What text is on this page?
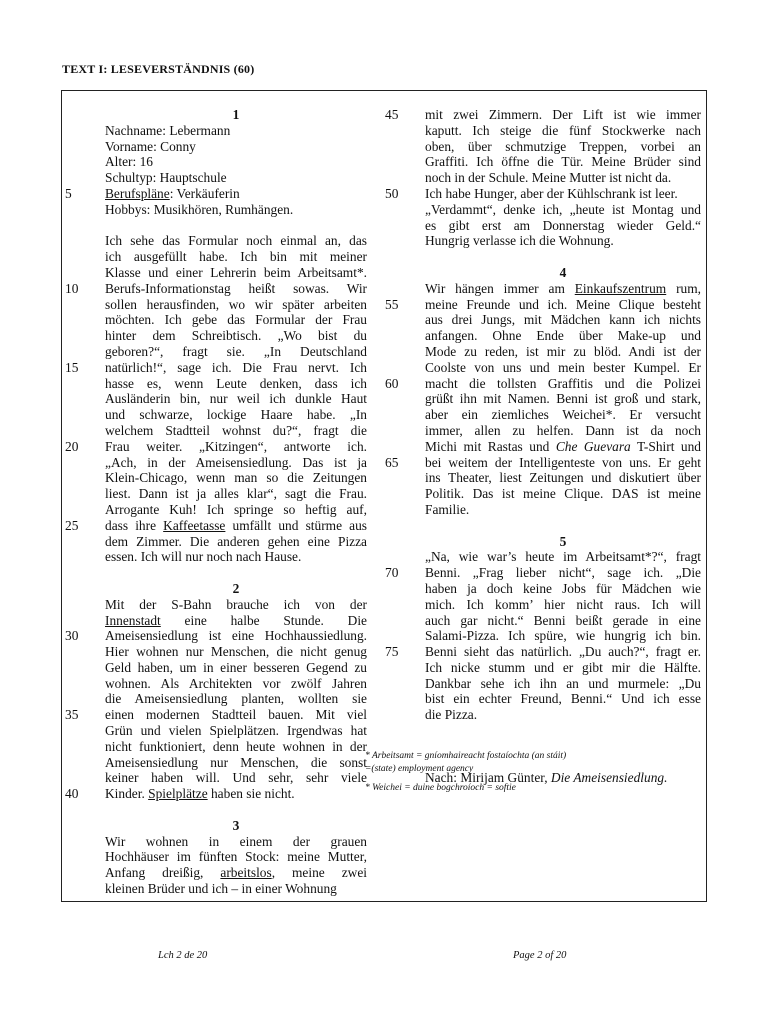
TEXT I: LESEVERSTÄNDNIS (60)
1
Nachname: Lebermann
Vorname: Conny
Alter: 16
Schultyp: Hauptschule
5	Berufspläne: Verkäuferin
Hobbys: Musikhören, Rumhängen.
Ich sehe das Formular noch einmal an, das
ich ausgefüllt habe. Ich bin mit meiner
Klasse und einer Lehrerin beim Arbeitsamt*.
10	Berufs-Informationstag heißt sowas. Wir
sollen herausfinden, wo wir später arbeiten
möchten. Ich gebe das Formular der Frau
hinter dem Schreibtisch. „Wo bist du
geboren?“, fragt sie. „In Deutschland
15	natürlich!“, sage ich. Die Frau nervt. Ich
hasse es, wenn Leute denken, dass ich
Ausländerin bin, nur weil ich dunkle Haut
und schwarze, lockige Haare habe. „In
welchem Stadtteil wohnst du?“, fragt die
20	Frau weiter. „Kitzingen“, antworte ich.
„Ach, in der Ameisensiedlung. Das ist ja
Klein-Chicago, wenn man so die Zeitungen
liest. Dann ist ja alles klar“, sagt die Frau.
Arrogante Kuh! Ich springe so heftig auf,
25	dass ihre Kaffeetasse umfällt und stürme aus
dem Zimmer. Die anderen gehen eine Pizza
essen. Ich will nur noch nach Hause.
2
Mit der S-Bahn brauche ich von der
Innenstadt eine halbe Stunde. Die
30	Ameisensiedlung ist eine Hochhaussiedlung.
Hier wohnen nur Menschen, die nicht genug
Geld haben, um in einer besseren Gegend zu
wohnen. Als Architekten vor zwölf Jahren
die Ameisensiedlung planten, wollten sie
35	einen modernen Stadtteil bauen. Mit viel
Grün und vielen Spielplätzen. Irgendwas hat
nicht funktioniert, denn heute wohnen in der
Ameisensiedlung nur Menschen, die sonst
keiner haben will. Und sehr, sehr viele
40	Kinder. Spielplätze haben sie nicht.
3
Wir wohnen in einem der grauen
Hochhäuser im fünften Stock: meine Mutter,
Anfang dreißig, arbeitslos, meine zwei
kleinen Brüder und ich – in einer Wohnung
45	mit zwei Zimmern. Der Lift ist wie immer
kaputt. Ich steige die fünf Stockwerke nach
oben, über schmutzige Treppen, vorbei an
Graffiti. Ich öffne die Tür. Meine Brüder sind
noch in der Schule. Meine Mutter ist nicht da.
50	Ich habe Hunger, aber der Kühlschrank ist leer.
„Verdammt“, denke ich, „heute ist Montag und
es gibt erst am Donnerstag wieder Geld.“
Hungrig verlasse ich die Wohnung.
4
Wir hängen immer am Einkaufszentrum rum,
55	meine Freunde und ich. Meine Clique besteht
aus drei Jungs, mit Mädchen kann ich nichts
anfangen. Ohne Ende über Make-up und
Mode zu reden, ist mir zu blöd. Andi ist der
Coolste von uns und mein bester Kumpel. Er
60	macht die tollsten Graffitis und die Polizei
grüßt ihn mit Namen. Benni ist groß und stark,
aber ein ziemliches Weichei*. Er versucht
immer, allen zu helfen. Dann ist da noch
Michi mit Rastas und Che Guevara T-Shirt und
65	bei weitem der Intelligenteste von uns. Er geht
ins Theater, liest Zeitungen und diskutiert über
Politik. Das ist meine Clique. DAS ist meine
Familie.
5
„Na, wie war’s heute im Arbeitsamt*?“, fragt
70	Benni. „Frag lieber nicht“, sage ich. „Die
haben ja doch keine Jobs für Mädchen wie
mich. Ich komm’ hier nicht raus. Ich will
auch gar nicht.“ Benni beißt gerade in eine
Salami-Pizza. Ich spüre, wie hungrig ich bin.
75	Benni sieht das natürlich. „Du auch?“, fragt er.
Ich nicke stumm und er gibt mir die Hälfte.
Dankbar sehe ich ihn an und murmele: „Du
bist ein echter Freund, Benni.“ Und ich esse
die Pizza.
Nach: Mirijam Günter, Die Ameisensiedlung.
* Arbeitsamt = gníomhaireacht fostaíochta (an stáit)
=(state) employment agency
* Weichei = duine bogchroíoch = softie
Lch 2 de 20	Page 2 of 20
